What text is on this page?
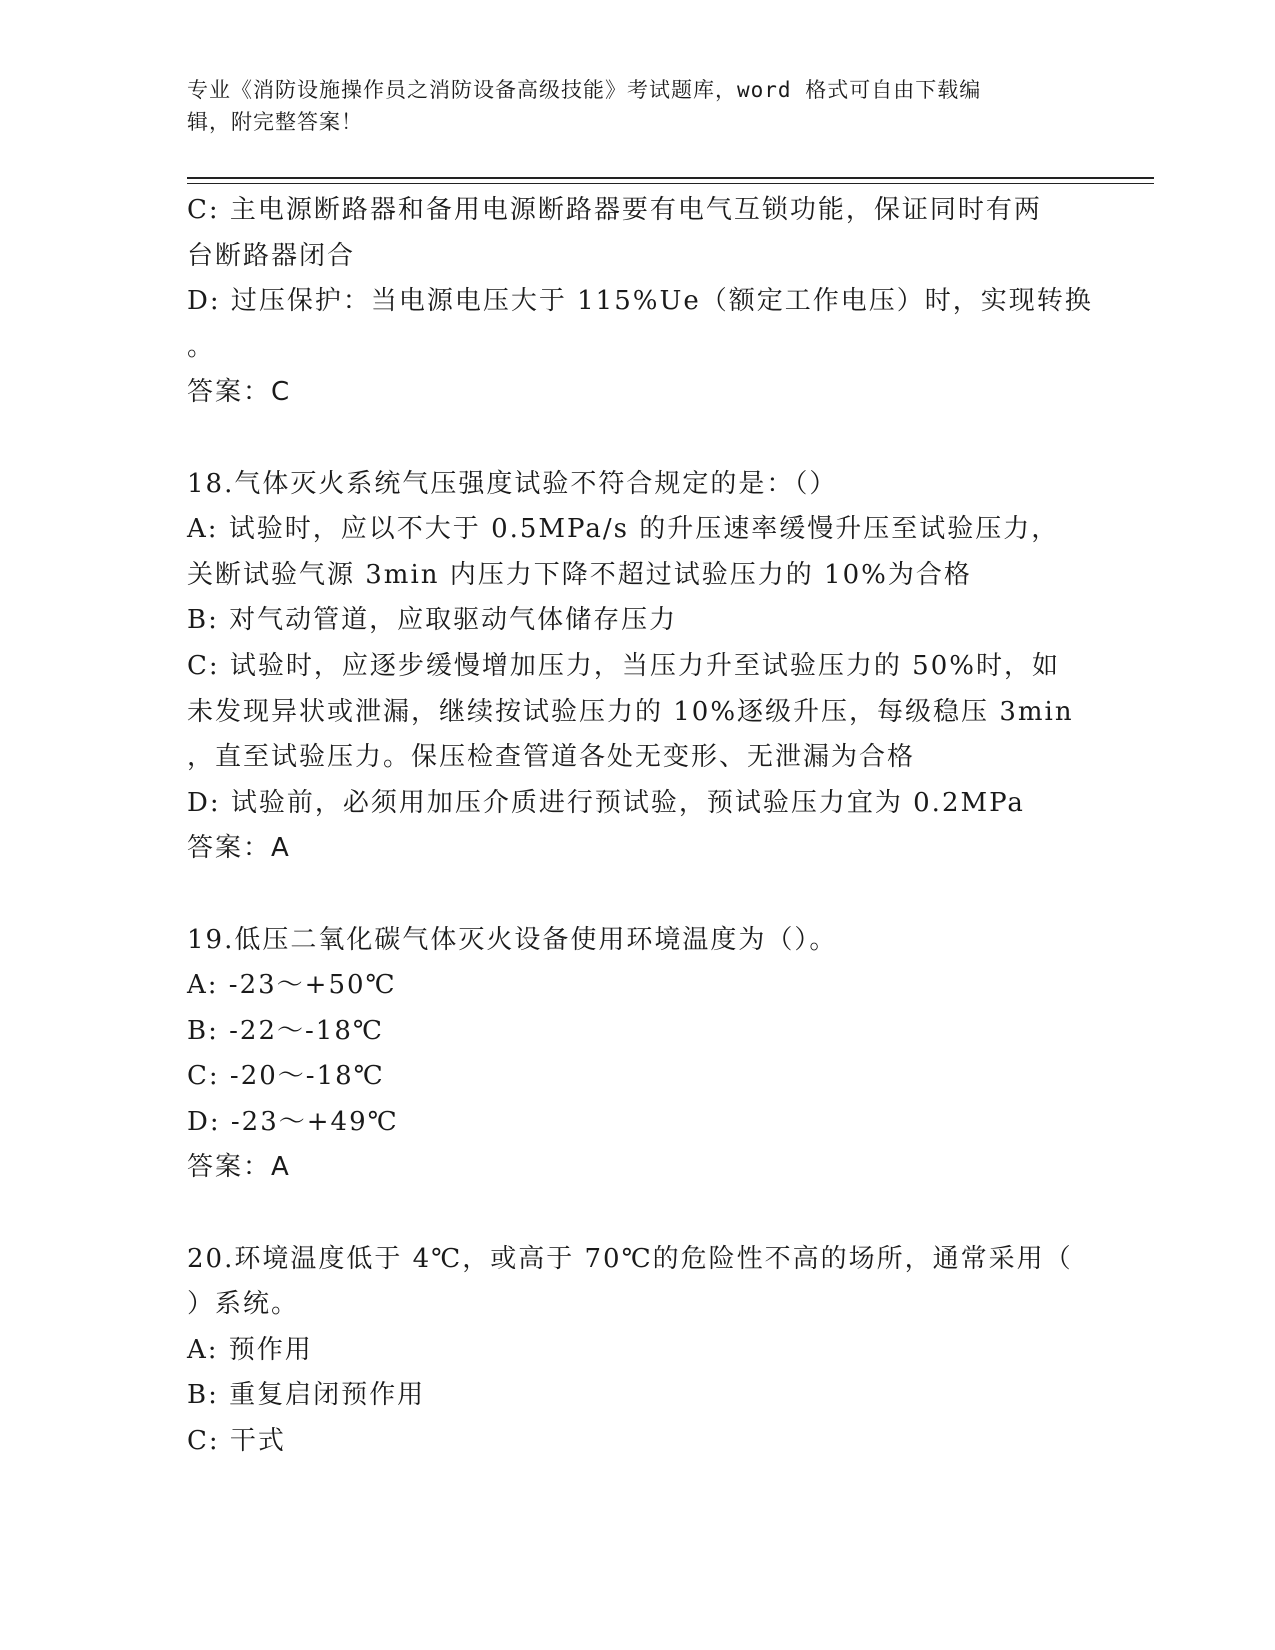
专业《消防设施操作员之消防设备高级技能》考试题库，word 格式可自由下载编
辑，附完整答案！
C: 主电源断路器和备用电源断路器要有电气互锁功能，保证同时有两
台断路器闭合
D: 过压保护：当电源电压大于 115%Ue（额定工作电压）时，实现转换
。
答案：C
18.气体灭火系统气压强度试验不符合规定的是：（）
A: 试验时，应以不大于 0.5MPa/s 的升压速率缓慢升压至试验压力，
关断试验气源 3min 内压力下降不超过试验压力的 10%为合格
B: 对气动管道，应取驱动气体储存压力
C: 试验时，应逐步缓慢增加压力，当压力升至试验压力的 50%时，如
未发现异状或泄漏，继续按试验压力的 10%逐级升压，每级稳压 3min
，直至试验压力。保压检查管道各处无变形、无泄漏为合格
D: 试验前，必须用加压介质进行预试验，预试验压力宜为 0.2MPa
答案：A
19.低压二氧化碳气体灭火设备使用环境温度为（）。
A: -23～+50℃
B: -22～-18℃
C: -20～-18℃
D: -23～+49℃
答案：A
20.环境温度低于 4℃，或高于 70℃的危险性不高的场所，通常采用（
）系统。
A: 预作用
B: 重复启闭预作用
C: 干式
